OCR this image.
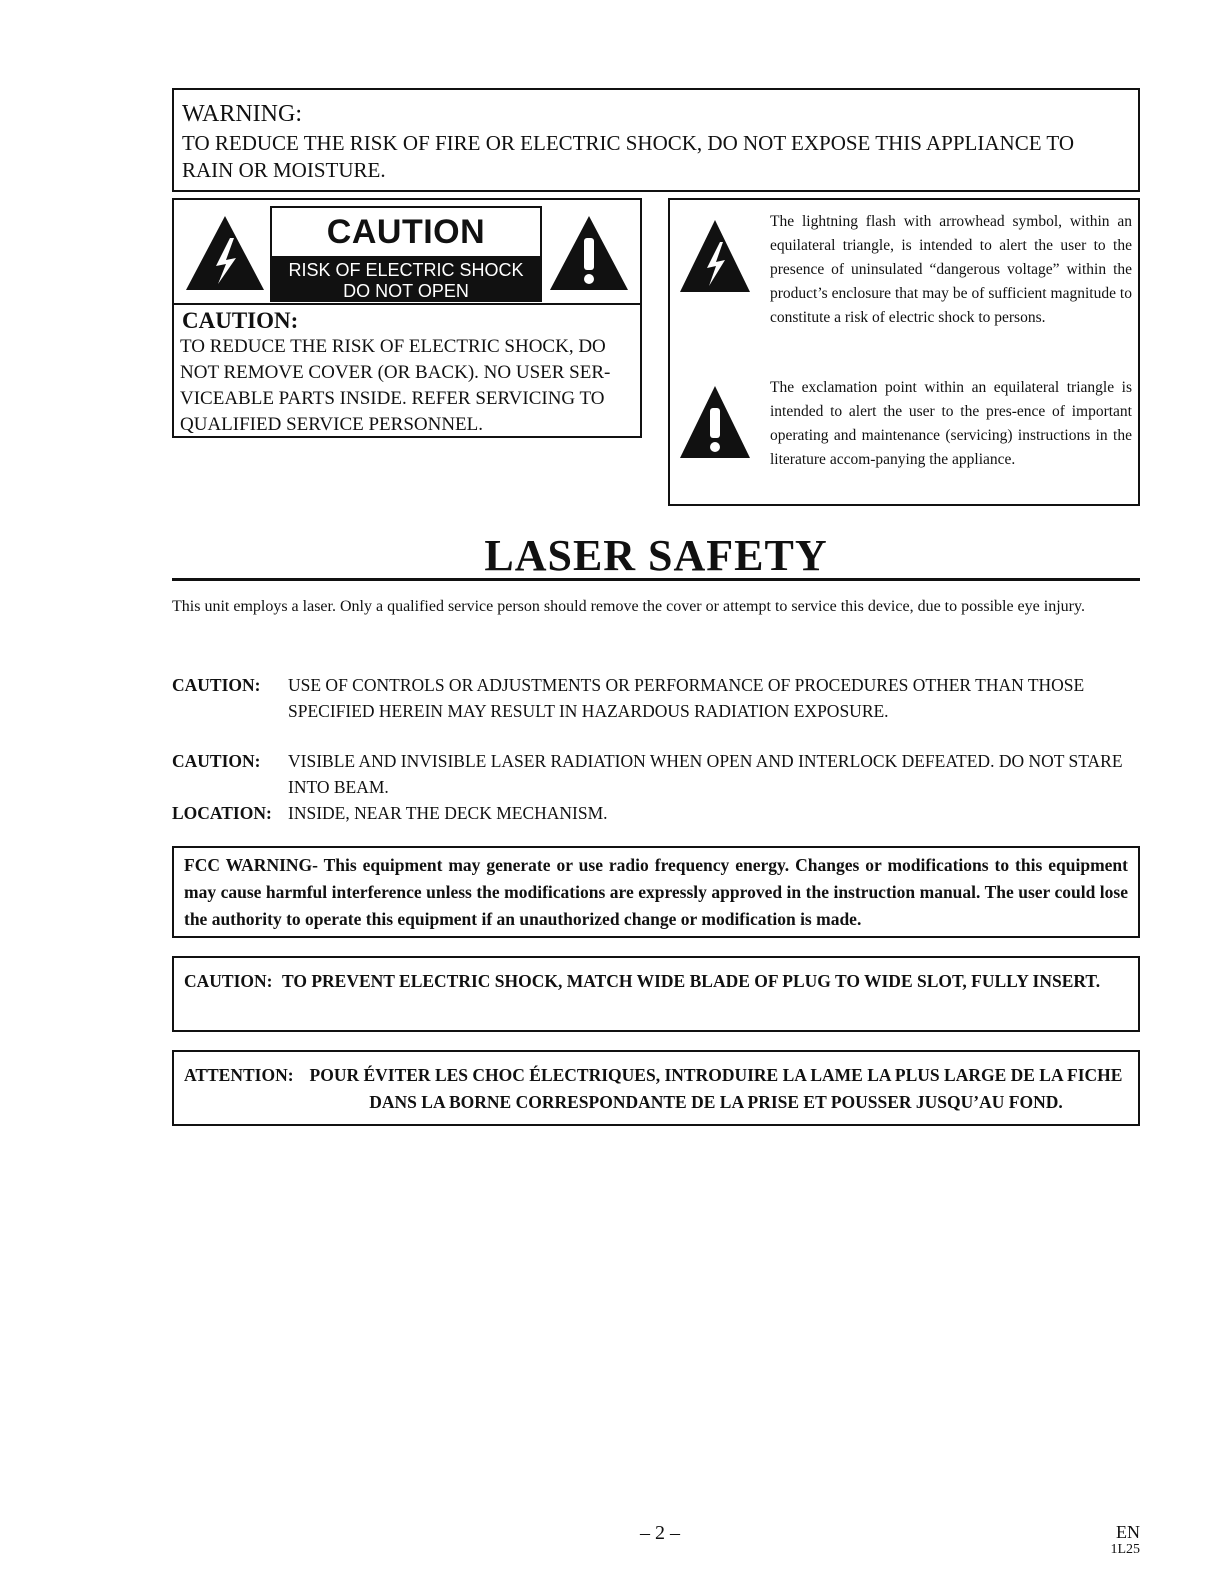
WARNING:
TO REDUCE THE RISK OF FIRE OR ELECTRIC SHOCK, DO NOT EXPOSE THIS APPLIANCE TO RAIN OR MOISTURE.
CAUTION
RISK OF ELECTRIC SHOCK
DO NOT OPEN
CAUTION:
TO REDUCE THE RISK OF ELECTRIC SHOCK, DO NOT REMOVE COVER (OR BACK). NO USER SER-VICEABLE PARTS INSIDE. REFER SERVICING TO QUALIFIED SERVICE PERSONNEL.
The lightning flash with arrowhead symbol, within an equilateral triangle, is intended to alert the user to the presence of uninsulated “dangerous voltage” within the product’s enclosure that may be of sufficient magnitude to constitute a risk of electric shock to persons.
The exclamation point within an equilateral triangle is intended to alert the user to the pres-ence of important operating and maintenance (servicing) instructions in the literature accom-panying the appliance.
LASER SAFETY
This unit employs a laser. Only a qualified service person should remove the cover or attempt to service this device, due to possible eye injury.
CAUTION: USE OF CONTROLS OR ADJUSTMENTS OR PERFORMANCE OF PROCEDURES OTHER THAN THOSE SPECIFIED HEREIN MAY RESULT IN HAZARDOUS RADIATION EXPOSURE.
CAUTION: VISIBLE AND INVISIBLE LASER RADIATION WHEN OPEN AND INTERLOCK DEFEATED. DO NOT STARE INTO BEAM.
LOCATION: INSIDE, NEAR THE DECK MECHANISM.
FCC WARNING- This equipment may generate or use radio frequency energy. Changes or modifications to this equipment may cause harmful interference unless the modifications are expressly approved in the instruction manual. The user could lose the authority to operate this equipment if an unauthorized change or modification is made.
CAUTION: TO PREVENT ELECTRIC SHOCK, MATCH WIDE BLADE OF PLUG TO WIDE SLOT, FULLY INSERT.
ATTENTION: POUR ÉVITER LES CHOC ÉLECTRIQUES, INTRODUIRE LA LAME LA PLUS LARGE DE LA FICHE DANS LA BORNE CORRESPONDANTE DE LA PRISE ET POUSSER JUSQU’AU FOND.
– 2 –	EN
1L25
